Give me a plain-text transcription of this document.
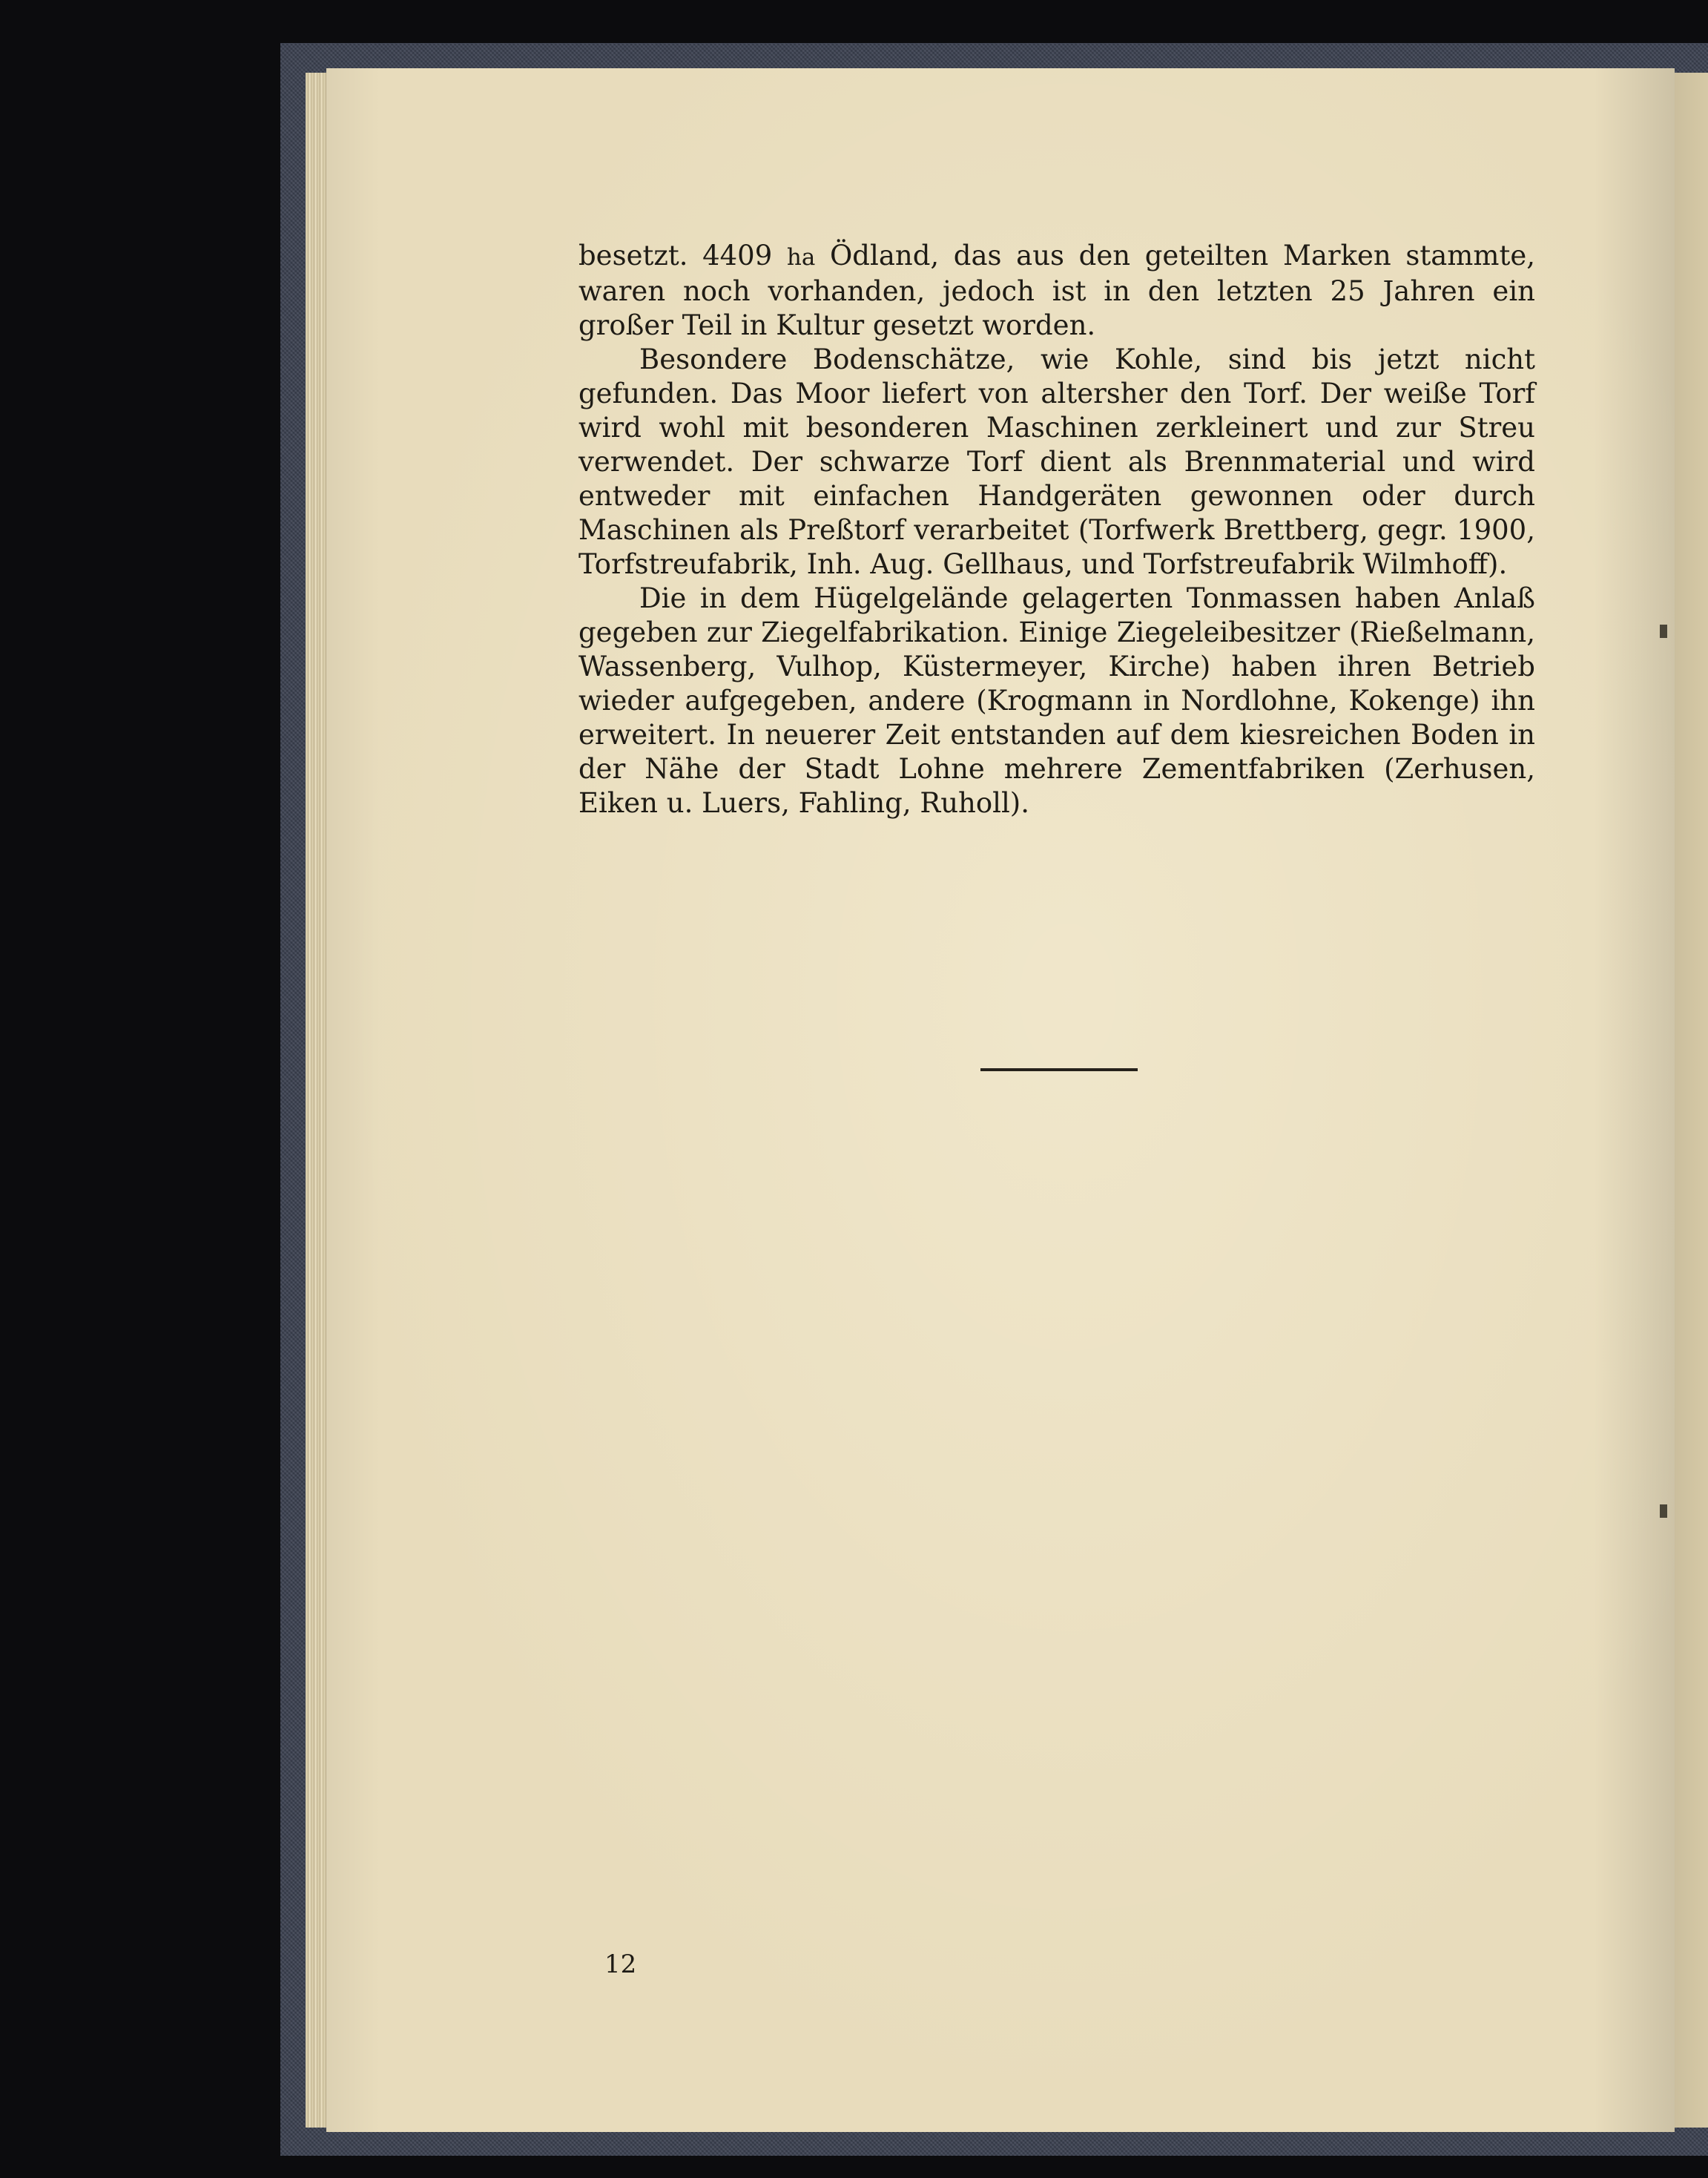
besetzt. 4409 ha Ödland, das aus den geteilten Marken stammte, waren noch vorhanden, jedoch ist in den letzten 25 Jahren ein großer Teil in Kultur gesetzt worden.

Besondere Bodenschätze, wie Kohle, sind bis jetzt nicht gefunden. Das Moor liefert von altersher den Torf. Der weiße Torf wird wohl mit besonderen Maschinen zerkleinert und zur Streu verwendet. Der schwarze Torf dient als Brennmaterial und wird entweder mit einfachen Handgeräten gewonnen oder durch Maschinen als Preßtorf verarbeitet (Torfwerk Brettberg, gegr. 1900, Torfstreufabrik, Inh. Aug. Gellhaus, und Torfstreufabrik Wilmhoff).

Die in dem Hügelgelände gelagerten Tonmassen haben Anlaß gegeben zur Ziegelfabrikation. Einige Ziegeleibesitzer (Rießelmann, Wassenberg, Vulhop, Küstermeyer, Kirche) haben ihren Betrieb wieder aufgegeben, andere (Krogmann in Nordlohne, Kokenge) ihn erweitert. In neuerer Zeit entstanden auf dem kiesreichen Boden in der Nähe der Stadt Lohne mehrere Zementfabriken (Zerhusen, Eiken u. Luers, Fahling, Ruholl).

12
